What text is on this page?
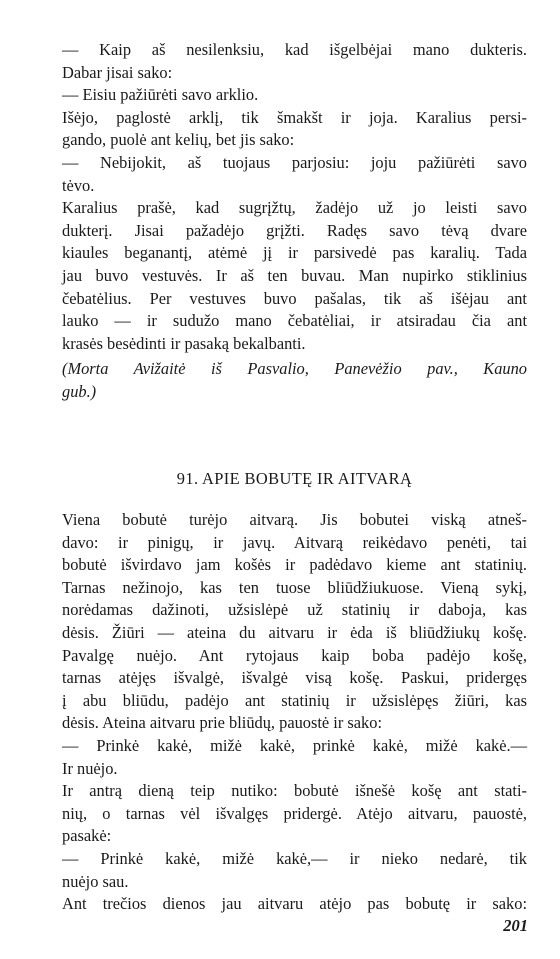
— Kaip aš nesilenksiu, kad išgelbėjai mano dukteris.
Dabar jisai sako:
— Eisiu pažiūrėti savo arklio.
Išėjo, paglostė arklį, tik šmakšt ir joja. Karalius persi-
gando, puolė ant kelių, bet jis sako:
— Nebijokit, aš tuojaus parjosiu: joju pažiūrėti savo
tėvo.
Karalius prašė, kad sugrįžtų, žadėjo už jo leisti savo
dukterį. Jisai pažadėjo grįžti. Radęs savo tėvą dvare
kiaules beganantį, atėmė jį ir parsivedė pas karalių. Tada
jau buvo vestuvės. Ir aš ten buvau. Man nupirko stiklinius
čebatėlius. Per vestuves buvo pašalas, tik aš išėjau ant
lauko — ir sudužo mano čebatėliai, ir atsiradau čia ant
krasės besėdinti ir pasaką bekalbanti.
(Morta Avižaitė iš Pasvalio, Panevėžio pav., Kauno
gub.)
91. APIE BOBUTĘ IR AITVARĄ
Viena bobutė turėjo aitvarą. Jis bobutei viską atneš-
davo: ir pinigų, ir javų. Aitvarą reikėdavo penėti, tai
bobutė išvirdavo jam košės ir padėdavo kieme ant statinių.
Tarnas nežinojo, kas ten tuose bliūdžiukuose. Vieną sykį,
norėdamas dažinoti, užsislėpė už statinių ir daboja, kas
dėsis. Žiūri — ateina du aitvaru ir ėda iš bliūdžiukų košę.
Pavalgę nuėjo. Ant rytojaus kaip boba padėjo košę,
tarnas atėjęs išvalgė, išvalgė visą košę. Paskui, pridergęs
į abu bliūdu, padėjo ant statinių ir užsislėpęs žiūri, kas
dėsis. Ateina aitvaru prie bliūdų, pauostė ir sako:
— Prinkė kakė, mižė kakė, prinkė kakė, mižė kakė.—
Ir nuėjo.
Ir antrą dieną teip nutiko: bobutė išnešė košę ant stati-
nių, o tarnas vėl išvalgęs pridergė. Atėjo aitvaru, pauostė,
pasakė:
— Prinkė kakė, mižė kakė,— ir nieko nedarė, tik
nuėjo sau.
Ant trečios dienos jau aitvaru atėjo pas bobutę ir sako:
201
